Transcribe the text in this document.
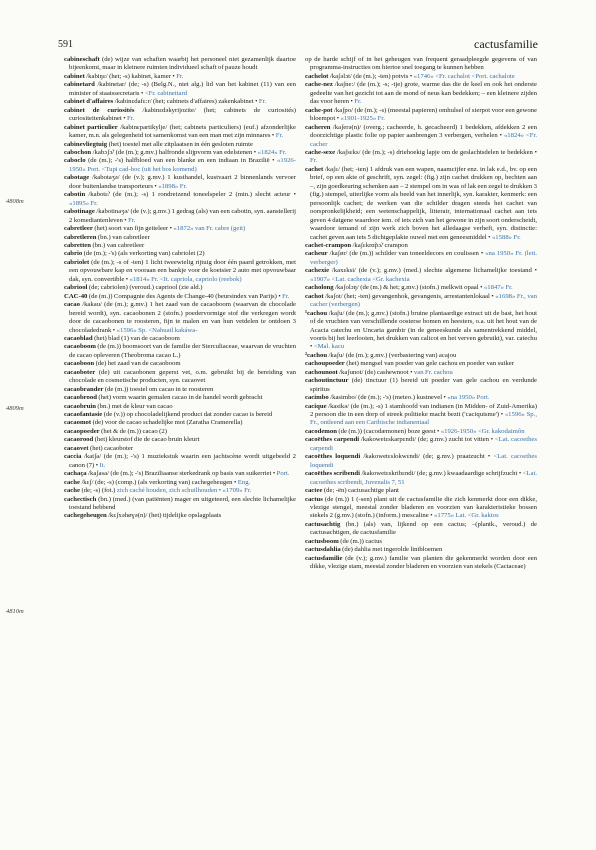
591	cactusfamilie
4808m
4809m
4810m

cabineschaft (de) wijze van schaften waarbij het personeel niet gezamenlijk daartoe bijeenkomt, maar in kleinere ruimten individueel schaft of pauze houdt

cabinet /kabiŋɛ/ (het; -s) kabinet, kamer • Fr.

cabinetard /kabinetar/ (de; -s) (Belg.N., niet alg.) lid van het kabinet (11) van een minister of staatssecretaris • <Fr. cabinettard

cabinet d'affaires /kabinɛdafɛ:r/ (het; cabinets d'affaires) zakenkabinet • Fr.

cabinet de curiosités /kabinɛdəkyrijozite/ (het; cabinets de curiosités) curiositeitenkabinet • Fr.

cabinet particulier /kabinɛpartikylje/ (het; cabinets particuliers) (euf.) afzonderlijke kamer, m.n. als gelegenheid tot samenkomst van een man met zijn minnares • Fr.

cabinevliegtuig (het) toestel met alle zitplaatsen in één gesloten ruimte

cabochon /kabɔʃɔ̃/ (de (m.); g.mv.) halfronde slijpvorm van edelstenen • «1824» Fr.

caboclo (de (m.); -'s) halfbloed van een blanke en een indiaan in Brazilië • «1926-1950» Port. <Tupi cad-boc (uit het bos komend)

cabotage /kabotaʒə/ (de (v.); g.mv.) 1 kusthandel, kustvaart 2 binnenlands vervoer door buitenlandse transporteurs • «1898» Fr.

cabotin /kabotɛ̃/ (de (m.); -s) 1 rondreizend toneelspeler 2 (min.) slecht acteur • «1895» Fr.

cabotinage /kabotinaʒə/ (de (v.); g.mv.) 1 gedrag (als) van een cabotin, syn. aanstellerij 2 komediantenleven • Fr.

cabretleer (het) soort van fijn geiteleer • «1872» van Fr. cabre (geit)

cabretleren (bn.) van cabretleer

cabretten (bn.) van cabretleer

cabrio (de (m.); -'s) (als verkorting van) cabriolet (2)

cabriolet (de (m.); -s of -ten) 1 licht tweewielig rijtuig door één paard getrokken, met een opvouwbare kap en vooraan een bankje voor de koetsier 2 auto met opvouwbaar dak, syn. convertible • «1814» Fr. <It. capriola, capriolo (reebok)

cabriool (de; cabriolen) (veroud.) capriool (zie ald.)

CAC-40 (de (m.)) Compagnie des Agents de Change-40 (beursindex van Parijs) • Fr.

cacao /kakau/ (de (m.); g.mv.) 1 het zaad van de cacaoboom (waarvan de chocolade bereid wordt), syn. cacaobonen 2 (stofn.) poedervormige stof die verkregen wordt door de cacaobonen te roosteren, fijn te malen en van hun vetdelen te ontdoen 3 chocoladedrank • «1596» Sp. <Nahuatl kakáwa-

cacaoblad (het) blad (1) van de cacaoboom

cacaoboom (de (m.)) boomsoort van de familie der Sterculiaceae, waarvan de vruchten de cacao opleveren (Theobroma cacao L.)

cacaoboon (de) het zaad van de cacaoboom

cacaoboter (de) uit cacaobonen geperst vet, o.m. gebruikt bij de bereiding van chocolade en cosmetische producten, syn. cacaovet

cacaobrander (de (m.)) toestel om cacao in te roosteren

cacaobrood (het) vorm waarin gemalen cacao in de handel wordt gebracht

cacaobruin (bn.) met de kleur van cacao

cacaofantasie (de (v.)) op chocoladelijkend product dat zonder cacao is bereid

cacaomot (de) voor de cacao schadelijke mot (Zaratha Cramerella)

cacaopoeder (het & de (m.)) cacao (2)

cacaorood (het) kleurstof die de cacao bruin kleurt

cacaovet (het) cacaoboter

caccia /katʃa/ (de (m.); -'s) 1 muziekstuk waarin een jachtscène wordt uitgebeeld 2 canon (7) • It.

cachaça /kaʃasa/ (de (m.); -'s) Braziliaanse sterkedrank op basis van suikerriet • Port.

cache /kɛʃ/ (de; -s) (comp.) (als verkorting van) cachegeheugen • Eng.

cache (de; -s) (fot.) zich caché houden, zich schuilhouden • «1709» Fr.

cachectisch (bn.) (med.) (van patiënten) mager en uitgeteerd, een slechte lichamelijke toestand hebbend

cachegeheugen /kɛʃxəhøɣə(n)/ (het) tijdelijke opslagplaats

op de harde schijf of in het geheugen van frequent geraadpleegde gegevens of van programma-instructies om hiertoe snel toegang te kunnen hebben

cachelot /kaʃəlɔt/ (de (m.); -ten) potvis • «1746» <Fr. cachalot <Port. cachalote

cache-nez /kaʃne:/ (de (m.); -s; -tje) grote, warme das die de keel en ook het onderste gedeelte van het gezicht tot aan de mond of neus kan bedekken; – een kleinere zijden das voor heren • Fr.

cache-pot /kaʃpo/ (de (m.); -s) (meestal papieren) omhulsel of sierpot voor een gewone bloempot • «1901-1925» Fr.

cacheren /kaʃerə(n)/ (overg.; cacheerde, h. gecacheerd) 1 bedekken, afdekken 2 een doorzichtige plastic folie op papier aanbrengen 3 verbergen, verhelen • «1824» <Fr. cacher

cache-sexe /kaʃsɛks/ (de (m.); -s) driehoekig lapje om de geslachtsdelen te bedekken • Fr.

cachet /kaʃɛ/ (het; -ten) 1 afdruk van een wapen, naamcijfer enz. in lak e.d., bv. op een brief, op een akte of geschrift, syn. zegel: (fig.) zijn cachet drukken op, hechten aan –, zijn goedkeuring schenken aan – 2 stempel om in was of lak een zegel te drukken 3 (fig.) stempel, uiterlijke vorm als beeld van het innerlijk, syn. karakter, kenmerk: een persoonlijk cachet; de werken van die schilder dragen steeds het cachet van oorspronkelijkheid; een wetenschappelijk, litterair, internationaal cachet aan iets geven 4 datgene waardoor iem. of iets zich van het gewone in zijn soort onderscheidt, waardoor iemand of zijn werk zich boven het alledaagse verheft, syn. distinctie: cachet geven aan iets 5 dichtgeplakte ouwel met een geneesmiddel • «1588» Fr.

cachet-crampon /kaʃɛkrɑ̃pɔ̃/ crampon

cacheur /kaʃør/ (de (m.)) schilder van toneeldecors en coulissen • «na 1950» Fr. (lett. verberger)

cachexie /kaxɛksi/ (de (v.); g.mv.) (med.) slechte algemene lichamelijke toestand • «1907» <Lat. cachexia <Gr. kachexia

cacholong /kaʃolɔŋ/ (de (m.) & het; g.mv.) (stofn.) melkwit opaal • «1847» Fr.

cachot /kaʃot/ (het; -ten) gevangenhok, gevangenis, arrestantenlokaal • «1698» Fr., van cacher (verbergen)

¹cachou /kaʃu/ (de (m.); g.mv.) (stofn.) bruine plantaardige extract uit de bast, het hout of de vruchten van verschillende oosterse bomen en heesters, o.a. uit het hout van de Acacia catechu en Uncaria gambir (in de geneeskunde als samentrekkend middel, voorts bij het leerlooien, het drukken van calicot en het verven gebruikt), var. catechu • <Mal. kacu

²cachou /kaʃu/ (de (m.); g.mv.) (verbastering van) acajou

cachoupoeder (het) mengsel van poeder van gele cachou en poeder van suiker

cachounoot /kaʃunot/ (de) cashewnoot • van Fr. cachou

cachoutinctuur (de) tinctuur (1) bereid uit poeder van gele cachou en verdunde spiritus

cacimbo /kasimbo/ (de (m.); -'s) (meteo.) kustnevel • «na 1950» Port.

cacique /kasikə/ (de (m.); -s) 1 stamhoofd van indianen (in Midden- of Zuid-Amerika) 2 persoon die in een dorp of streek politieke macht bezit ('caciquisme') • «1596» Sp., Fr., ontleend aan een Caribische indianentaal

cacodemon (de (m.)) (cacodæmonen) boze geest • «1926-1950» <Gr. kakodaimôn

cacoëthes carpendi /kakowetɛskarpɛndi/ (de; g.mv.) zucht tot vitten • <Lat. cacoethes carpendi

cacoëthes loquendi /kakowetɛslokwɛndi/ (de; g.mv.) praatzucht • <Lat. cacoethes loquendi

cacoëthes scribendi /kakowetɛskribɛndi/ (de; g.mv.) kwaadaardige schrijfzucht • <Lat. cacoethes scribendi, Juvenalis 7, 51

cactee (de; -ën) cactusachtige plant

cactus (de (m.)) 1 (-sen) plant uit de cactusfamilie die zich kenmerkt door een dikke, vlezige stengel, meestal zonder bladeren en voorzien van karakteristieke bossen stekels 2 (g.mv.) (stofn.) (inform.) mescaline • «1775» Lat. <Gr. kaktos

cactusachtig (bn.) (als) van, lijkend op een cactus; –(plantk., veroud.) de cactusachtigen, de cactusfamilie

cactusboom (de (m.)) cactus

cactusdahlia (de) dahlia met ingerolde lintbloemen

cactusfamilie (de (v.); g.mv.) familie van planten die gekenmerkt worden door een dikke, vlezige stam, meestal zonder bladeren en voorzien van stekels (Cactaceae)
